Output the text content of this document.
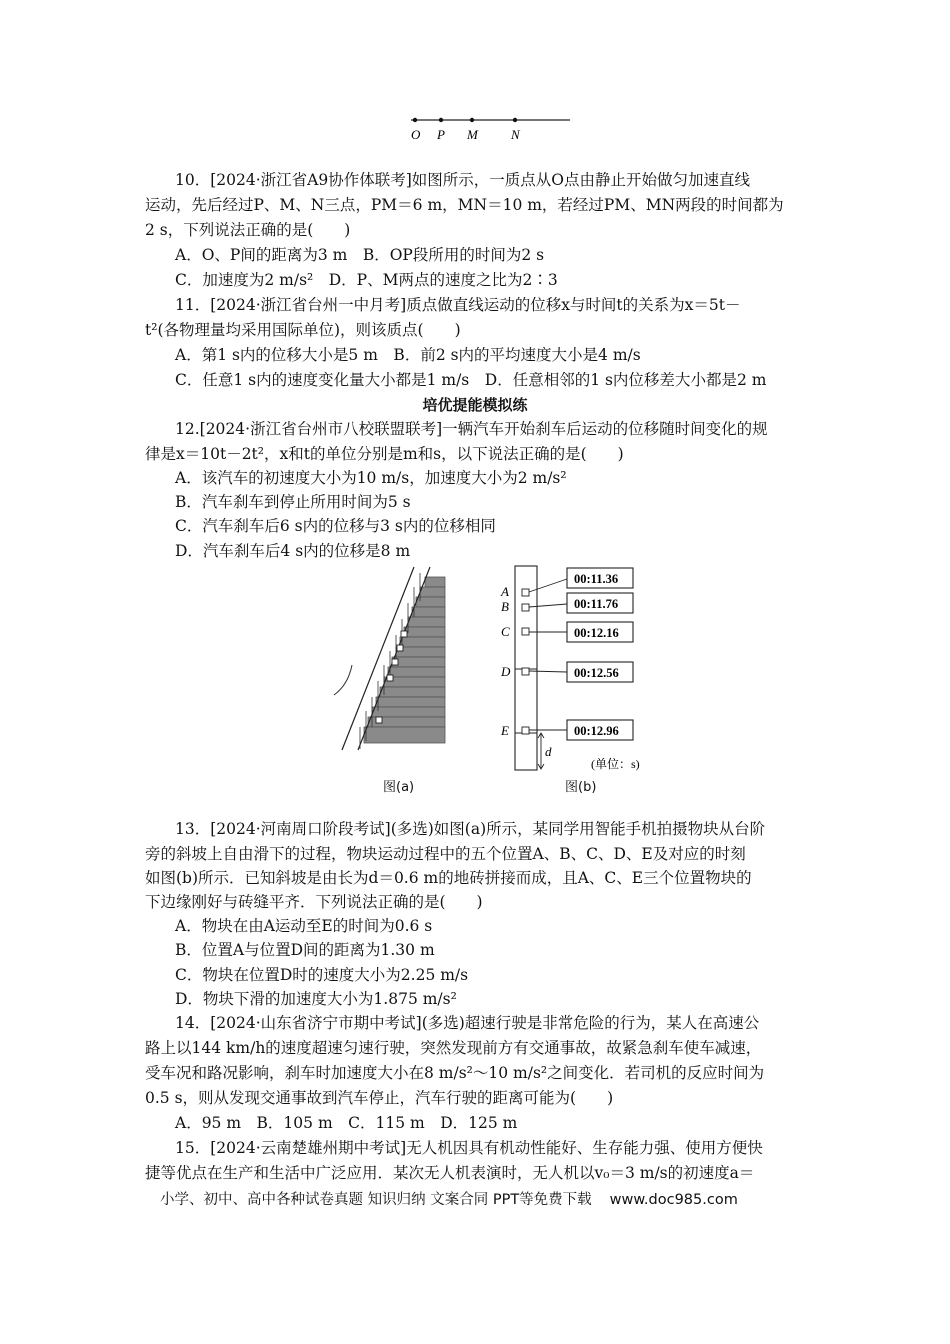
O P M	N
10．[2024·浙江省A9协作体联考]如图所示，一质点从O点由静止开始做匀加速直线
运动，先后经过P、M、N三点，PM＝6 m，MN＝10 m，若经过PM、MN两段的时间都为
2 s，下列说法正确的是(　　)
A．O、P间的距离为3 m　B．OP段所用的时间为2 s
C．加速度为2 m/s²　D．P、M两点的速度之比为2∶3
11．[2024·浙江省台州一中月考]质点做直线运动的位移x与时间t的关系为x＝5t－
t²(各物理量均采用国际单位)，则该质点(　　)
A．第1 s内的位移大小是5 m　B．前2 s内的平均速度大小是4 m/s
C．任意1 s内的速度变化量大小都是1 m/s　D．任意相邻的1 s内位移差大小都是2 m
培优提能模拟练
12.[2024·浙江省台州市八校联盟联考]一辆汽车开始刹车后运动的位移随时间变化的规
律是x＝10t－2t²，x和t的单位分别是m和s，以下说法正确的是(　　)
A．该汽车的初速度大小为10 m/s，加速度大小为2 m/s²
B．汽车刹车到停止所用时间为5 s
C．汽车刹车后6 s内的位移与3 s内的位移相同
D．汽车刹车后4 s内的位移是8 m
图(a)
A
B
C
D
E
00:11.36
00:11.76
00:12.16
00:12.56
00:12.96
d
(单位：s)
图(b)
13．[2024·河南周口阶段考试](多选)如图(a)所示，某同学用智能手机拍摄物块从台阶
旁的斜坡上自由滑下的过程，物块运动过程中的五个位置A、B、C、D、E及对应的时刻
如图(b)所示．已知斜坡是由长为d＝0.6 m的地砖拼接而成，且A、C、E三个位置物块的
下边缘刚好与砖缝平齐．下列说法正确的是(　　)
A．物块在由A运动至E的时间为0.6 s
B．位置A与位置D间的距离为1.30 m
C．物块在位置D时的速度大小为2.25 m/s
D．物块下滑的加速度大小为1.875 m/s²
14．[2024·山东省济宁市期中考试](多选)超速行驶是非常危险的行为，某人在高速公
路上以144 km/h的速度超速匀速行驶，突然发现前方有交通事故，故紧急刹车使车减速，
受车况和路况影响，刹车时加速度大小在8 m/s²～10 m/s²之间变化．若司机的反应时间为
0.5 s，则从发现交通事故到汽车停止，汽车行驶的距离可能为(　　)
A．95 m　B．105 m　C．115 m　D．125 m
15．[2024·云南楚雄州期中考试]无人机因具有机动性能好、生存能力强、使用方便快
捷等优点在生产和生活中广泛应用．某次无人机表演时，无人机以v₀＝3 m/s的初速度a＝
小学、初中、高中各种试卷真题 知识归纳 文案合同 PPT等免费下载 www.doc985.com
